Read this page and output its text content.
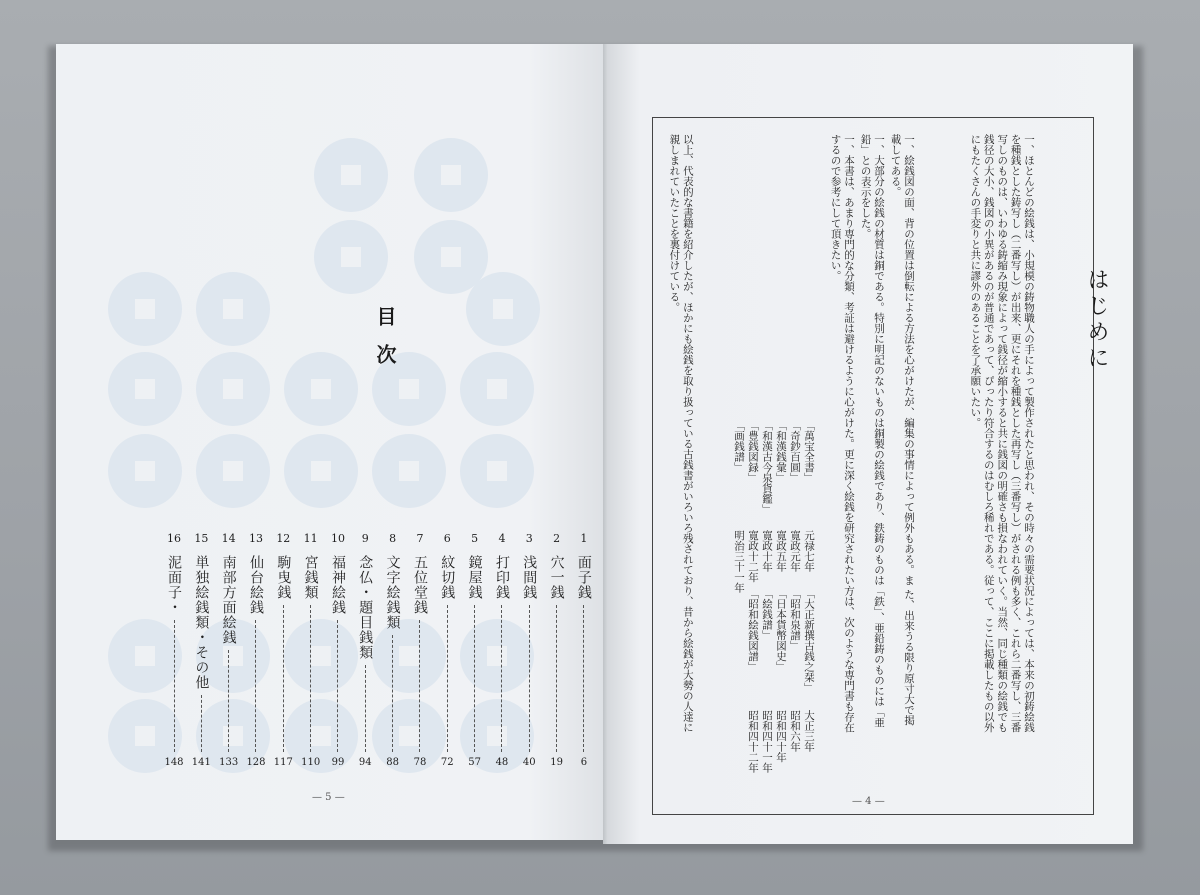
目次
1
面子銭
6
2
穴一銭
19
3
浅間銭
40
4
打印銭
48
5
鏡屋銭
57
6
紋切銭
72
7
五位堂銭
78
8
文字絵銭類
88
9
念仏・題目銭類
94
10
福神絵銭
99
11
宮銭類
110
12
駒曳銭
117
13
仙台絵銭
128
14
南部方面絵銭
133
15
単独絵銭類・その他
141
16
泥面子・
148
— 5 —
はじめに
一、ほとんどの絵銭は、小規模の鋳物職人の手によって製作されたと思われ、その時々の需要状況によっては、本来の初鋳絵銭を種銭とした鋳写し（二番写し）が出来、更にそれを種銭とした再写し（三番写し）がされる例も多く、これら二番写し、三番写しのものは、いわゆる鋳縮み現象によって銭径が縮小すると共に銭図の明確さも損なわれていく。当然、同じ種類の絵銭でも銭径の大小、銭図の小異があるのが普通であって、ぴったり符合するのはむしろ稀れである。従って、ここに掲載したもの以外にもたくさんの手変りと共に謬外のあることを了承願いたい。
一、絵銭図の面、背の位置は倒転による方法を心がけたが、編集の事情によって例外もある。ま た、出来うる限り原寸大で掲載してある。
一、大部分の絵銭の材質は銅である。特別に明記のないものは銅製の絵銭であり、鉄鋳のものは「鉄」、亜鉛鋳のものには「亜鉛」との表示をした。
一、本書は、あまり専門的な分類、考証は避けるように心がけた。更に深く絵銭を研究されたい方は、次のような専門書も存在するので参考にして頂きたい。
「萬宝全書」
元禄七年
「奇鈔百圓」
寛政元年
「和漢銭彙」
寛政五年
「和漢古今泉貨鑑」
寛政十年
「豊銭図録」
寛政十二年
「画銭譜」
明治三十一年
「大正新撰古銭之栞」
大正三年
「昭和泉譜」
昭和六年
「日本貨幣図史」
昭和四十年
「絵銭譜」
昭和四十一年
「昭和絵銭図譜」
昭和四十二年
以上、代表的な書籍を紹介したが、ほかにも絵銭を取り扱っている古銭書がいろいろ残されており、昔から絵銭が大勢の人達に親しまれていたことを裏付けている。
— 4 —
